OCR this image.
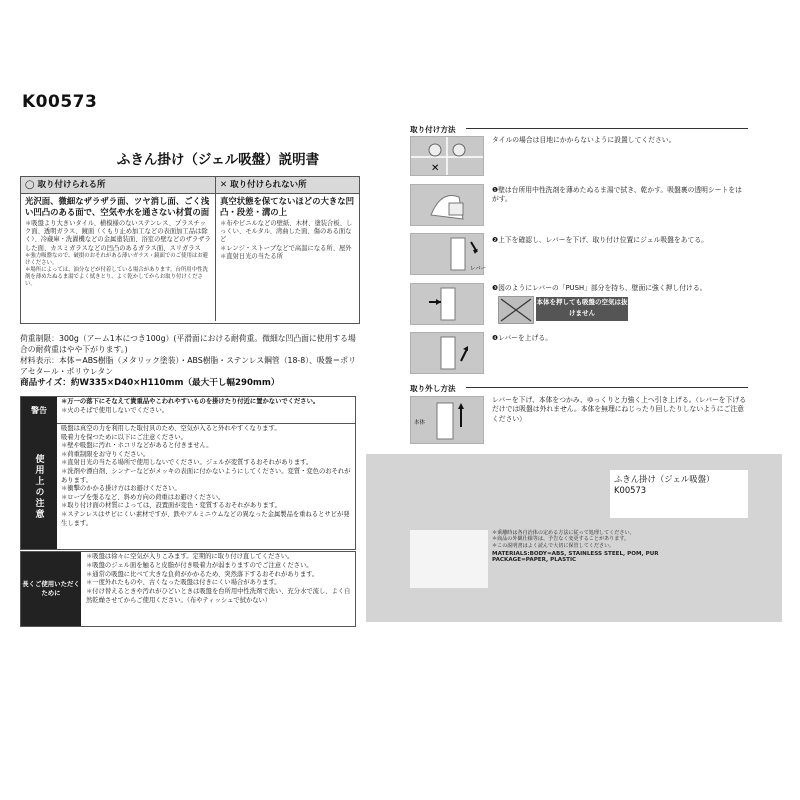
K00573
ふきん掛け（ジェル吸盤）説明書
◯ 取り付けられる所	✕ 取り付けられない所
光沢面、微細なザラザラ面、ツヤ消し面、ごく浅い凹凸のある面で、空気や水を通さない材質の面
＊吸盤より大きいタイル、横模様のないステンレス、プラスチック面、透明ガラス、鏡面（くもり止め加工などの表面加工品は除く）、冷蔵庫・洗濯機などの金属塗装面、浴室の壁などのザラザラした面、カスミガラスなどの凹凸のあるガラス面、スリガラス
＊強力吸盤なので、破損のおそれがある薄いガラス・鏡面でのご使用はお避けください。
＊場所によっては、油分などが付着している場合があります。台所用中性洗剤を薄めたぬるま湯でよく拭きとり、よく乾かしてからお取り付けください。
真空状態を保てないほどの大きな凹凸・段差・溝の上
＊布やビニルなどの壁紙、木材、塗装合板、しっくい、モルタル、湾曲した面、傷のある面など
＊レンジ・ストーブなどで高温になる所、屋外
＊直射日光の当たる所
荷重制限：300g（アーム1本につき100g）(平滑面における耐荷重。微細な凹凸面に使用する場合の耐荷重はやや下がります。)
材料表示：本体＝ABS樹脂（メタリック塗装）・ABS樹脂・ステンレス鋼管（18-8）、吸盤＝ポリアセタール・ポリウレタン
商品サイズ：約W335×D40×H110mm（最大干し幅290mm）
警告
＊万一の落下にそなえて貴重品やこわれやすいものを掛けたり付近に置かないでください。
＊火のそばで使用しないでください。
使用上の注意
吸盤は真空の力を利用した取付具のため、空気が入ると外れやすくなります。
吸着力を保つために以下にご注意ください。
＊壁や吸盤に汚れ・ホコリなどがあると付きません。
＊荷重制限をお守りください。
＊直射日光の当たる場所で使用しないでください。ジェルが変質するおそれがあります。
＊洗剤や漂白剤、シンナーなどがメッキの表面に付かないようにしてください。変質・変色のおそれがあります。
＊衝撃のかかる掛け方はお避けください。
＊ロープを張るなど、斜め方向の荷重はお避けください。
＊取り付け面の材質によっては、設置面が変色・変質するおそれがあります。
＊ステンレスはサビにくい素材ですが、鉄やアルミニウムなどの異なった金属製品を重ねるとサビが発生します。
長くご使用いただくために
＊吸盤は徐々に空気が入りこみます。定期的に取り付け直してください。
＊吸盤のジェル面を触ると皮脂が付き吸着力が弱まりますのでご注意ください。
＊通常の吸盤に比べて大きな負荷がかかるため、突然落下するおそれがあります。
＊一度外れたものや、古くなった吸盤は付きにくい場合があります。
＊付け替えるときや汚れがひどいときは吸盤を台所用中性洗剤で洗い、充分水で流し、よく自然乾燥させてからご使用ください。（布やティッシュで拭かない）
取り付け方法
✕
タイルの場合は目地にかからないように設置してください。
❶壁は台所用中性洗剤を薄めたぬるま湯で拭き、乾かす。吸盤裏の透明シートをはがす。
レバー
❷上下を確認し、レバーを下げ、取り付け位置にジェル吸盤をあてる。
❸図のようにレバーの「PUSH」部分を持ち、壁面に強く押し付ける。
本体を押しても吸盤の空気は抜けません
❹レバーを上げる。
取り外し方法
本体
レバーを下げ、本体をつかみ、ゆっくりと力強く上へ引き上げる。（レバーを下げるだけでは吸盤は外れません。本体を無理にねじったり回したりしないようにご注意ください）
ふきん掛け（ジェル吸盤）　K00573
＊乗離時は各自治体の定める方法に従って処理してください。
＊商品の外観仕様等は、予告なく変更することがあります。
＊この説明書はよく読んで大切に保管してください。
MATERIALS:BODY=ABS, STAINLESS STEEL, POM, PUR
PACKAGE=PAPER, PLASTIC
